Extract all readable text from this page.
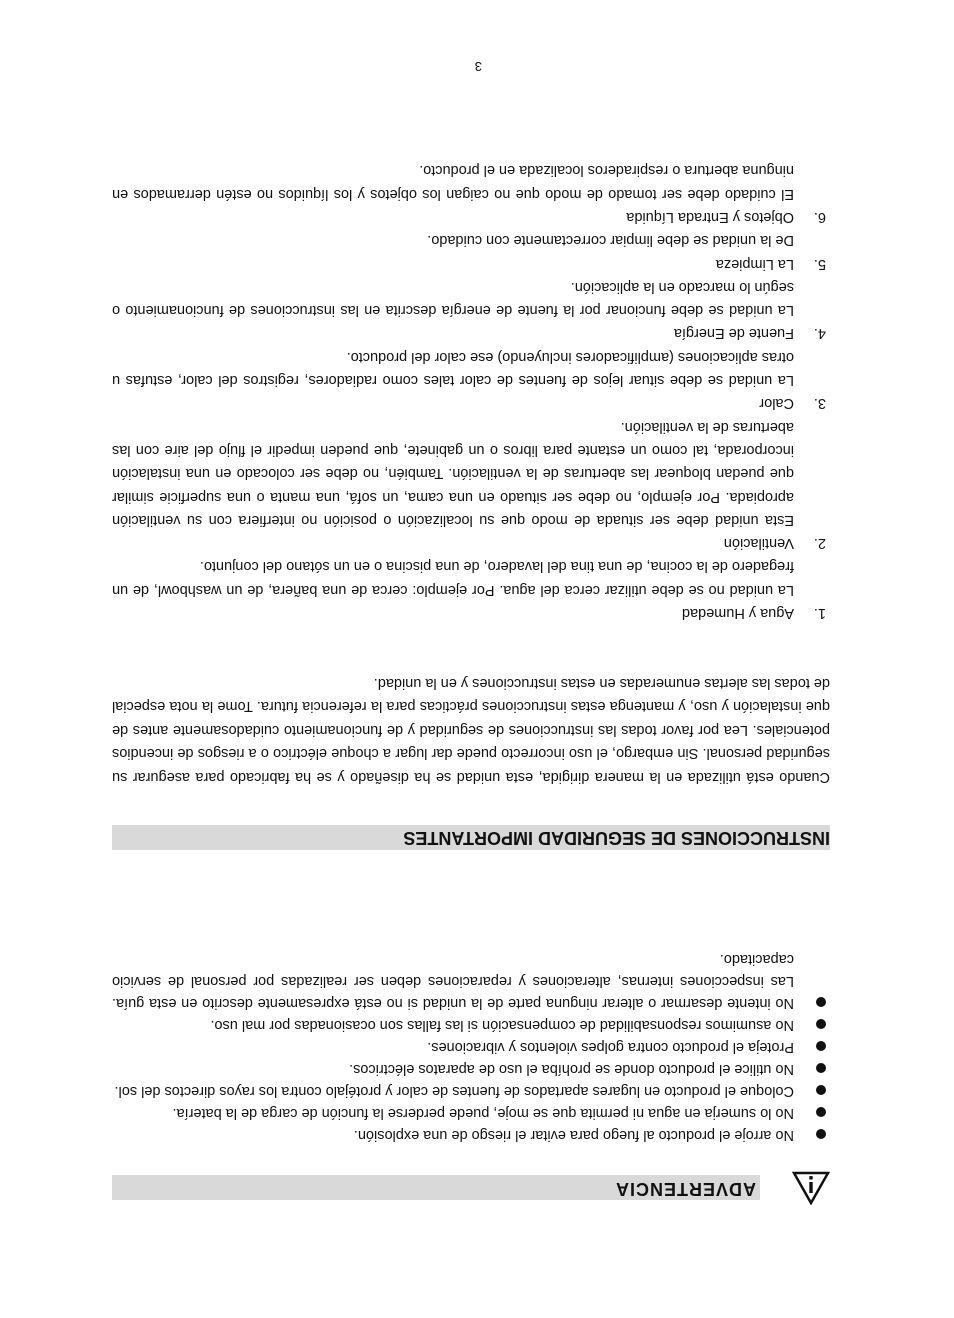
ADVERTENCIA
No arroje el producto al fuego para evitar el riesgo de una explosión.
No lo sumerja en agua ni permita que se moje, puede perderse la función de carga de la batería.
Coloque el producto en lugares apartados de fuentes de calor y protéjalo contra los rayos directos del sol.
No utilice el producto donde se prohíba el uso de aparatos eléctricos.
Proteja el producto contra golpes violentos y vibraciones.
No asumimos responsabilidad de compensación si las fallas son ocasionadas por mal uso.
No intente desarmar o alterar ninguna parte de la unidad si no está expresamente descrito en esta guía. Las inspecciones internas, alteraciones y reparaciones deben ser realizadas por personal de servicio capacitado.
INSTRUCCIONES DE SEGURIDAD IMPORTANTES

Cuando está utilizada en la manera dirigida, esta unidad se ha diseñado y se ha fabricado para asegurar su seguridad personal. Sin embargo, el uso incorrecto puede dar lugar a choque eléctrico o a riesgos de incendios potenciales. Lea por favor todas las instrucciones de seguridad y de funcionamiento cuidadosamente antes de que instalación y uso, y mantenga estas instrucciones prácticas para la referencia futura. Tome la nota especial de todas las alertas enumeradas en estas instrucciones y en la unidad.

1.
Agua y Humedad
La unidad no se debe utilizar cerca del agua. Por ejemplo: cerca de una bañera, de un washbowl, de un fregadero de la cocina, de una tina del lavadero, de una piscina o en un sótano del conjunto.
2.
Ventilación
Esta unidad debe ser situada de modo que su localización o posición no interfiera con su ventilación apropiada. Por ejemplo, no debe ser situado en una cama, un sofá, una manta o una superficie similar que puedan bloquear las aberturas de la ventilación. También, no debe ser colocado en una instalación incorporada, tal como un estante para libros o un gabinete, que pueden impedir el flujo del aire con las aberturas de la ventilación.
3.
Calor
La unidad se debe situar lejos de fuentes de calor tales como radiadores, registros del calor, estufas u otras aplicaciones (amplificadores incluyendo) ese calor del producto.
4.
Fuente de Energía
La unidad se debe funcionar por la fuente de energía descrita en las instrucciones de funcionamiento o según lo marcado en la aplicación.
5.
La Limpieza
De la unidad se debe limpiar correctamente con cuidado.
6.
Objetos y Entrada Líquida
El cuidado debe ser tomado de modo que no caigan los objetos y los líquidos no estén derramados en ninguna abertura o respiraderos localizada en el producto.
3
